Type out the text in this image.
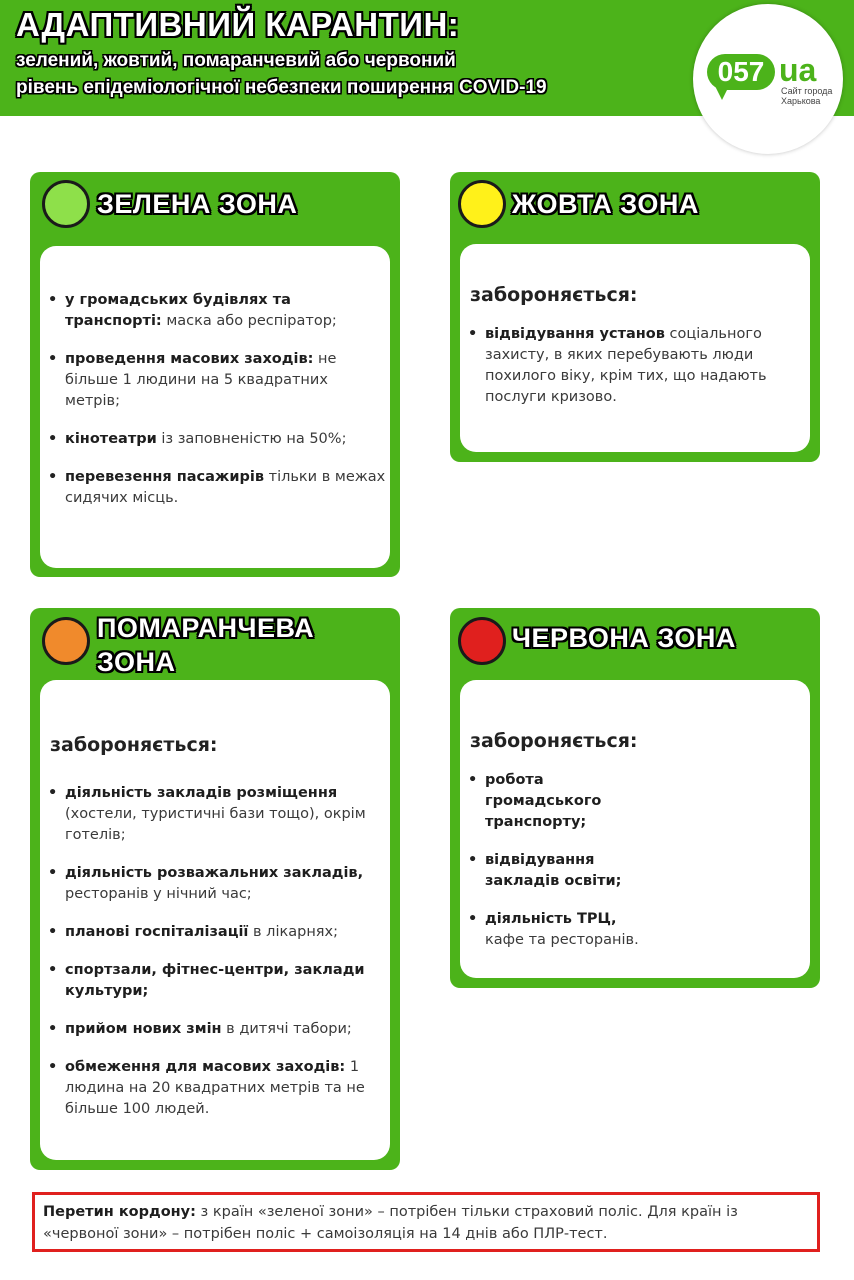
АДАПТИВНИЙ КАРАНТИН:
зелений, жовтий, помаранчевий або червоний
рівень епідеміологічної небезпеки поширення COVID-19
057 ua
Сайт города Харькова
ЗЕЛЕНА ЗОНА
• у громадських будівлях та транспорті: маска або респіратор;
• проведення масових заходів: не більше 1 людини на 5 квадратних метрів;
• кінотеатри із заповненістю на 50%;
• перевезення пасажирів тільки в межах сидячих місць.
ЖОВТА ЗОНА
забороняється:
• відвідування установ соціального захисту, в яких перебувають люди похилого віку, крім тих, що надають послуги кризово.
ПОМАРАНЧЕВА
ЗОНА
забороняється:
• діяльність закладів розміщення (хостели, туристичні бази тощо), окрім готелів;
• діяльність розважальних закладів, ресторанів у нічний час;
• планові госпіталізації в лікарнях;
• спортзали, фітнес-центри, заклади культури;
• прийом нових змін в дитячі табори;
• обмеження для масових заходів: 1 людина на 20 квадратних метрів та не більше 100 людей.
ЧЕРВОНА ЗОНА
забороняється:
• робота громадського транспорту;
• відвідування закладів освіти;
• діяльність ТРЦ, кафе та ресторанів.
Перетин кордону: з країн «зеленої зони» – потрібен тільки страховий поліс. Для країн із «червоної зони» – потрібен поліс + самоізоляція на 14 днів або ПЛР-тест.
